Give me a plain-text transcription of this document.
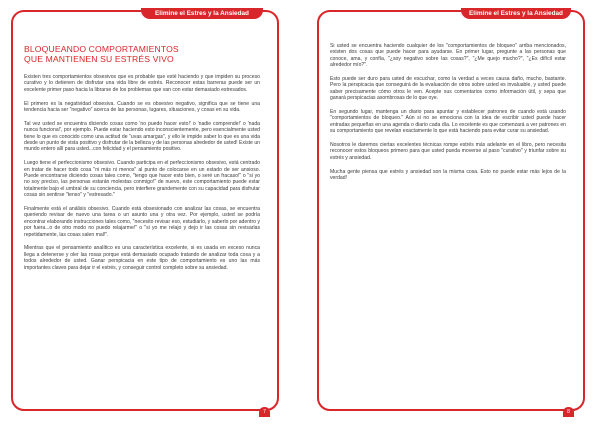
Elimine el Estres y la Ansiedad
BLOQUEANDO COMPORTAMIENTOS
QUE MANTIENEN SU ESTRÉS VIVO

Existen tres comportamientos obsesivos que es probable que esté haciendo y que impiden su proceso curativo y lo detienen de disfrutar una vida libre de estrés. Reconocer estas barreras puede ser un excelente primer paso hacia la librarse de los problemas que van con estar demasiado estresados.

El primero es la negatividad obsesiva. Cuando se es obsesivo negativo, significa que se tiene una tendencia hacia ser "negativo" acerca de las personas, lugares, situaciones, y cosas en su vida.

Tal vez usted se encuentra diciendo cosas como 'no puedo hacer esto!' o 'nadie comprende!' o 'nada nunca funciona!', por ejemplo. Puede estar haciendo esto inconscientemente, pero esencialmente usted tiene lo que es conocido como una actitud de "uvas amargas", y ello le impide saber lo que es una vida desde un punto de vista positivo y disfrutar de la belleza y de las personas alrededor de usted! Existe un mundo entero allí para usted...con felicidad y el pensamiento positivo.

Luego tiene el perfeccionismo obsesivo. Cuando participa en el perfeccionismo obsesivo, está centrado en tratar de hacer todo cosa "ni más ni menos" al punto de colocarse en un estado de ser ansioso. Puede encontrarse diciendo cosas tales como, "tengo que hacer esto bien, o seré un fracaso!" o "si yo no soy preciso, las personas estarán molestas conmigo!" de nuevo, este comportamiento puede estar totalmente bajo el umbral de su conciencia, pero interfiere grandemente con su capacidad para disfrutar cosas sin sentirse "tenso" y "estresado."

Finalmente está el análisis obsesivo. Cuando está obsesionado con analizar las cosas, se encuentra queriendo revisar de nuevo una tarea o un asunto una y otra vez. Por ejemplo, usted se podría encontrar elaborando instrucciones tales como, "necesito revisar eso, estudiarlo, y saberlo por adentro y por fuera...o de otro modo no puedo relajarme!" o "si yo me relajo y dejo ir las cosas sin revisarlas repetidamente, las cosas salen mal!".

Mientras que el pensamiento analítico es una característica excelente, si es usada en exceso nunca llega a detenerse y oler las rosas porque está demasiado ocupado tratando de analizar toda cosa y a todos alrededor de usted. Ganar perspicacia en este tipo de comportamiento es uno las más importantes claves para dejar ir el estrés, y conseguir control completo sobre su ansiedad.

7
Elimine el Estres y la Ansiedad

Si usted se encuentra haciendo cualquier de los "comportamientos de bloqueo" arriba mencionados, existen dos cosas que puede hacer para ayudarse. En primer lugar, pregunte a las personas que conoce, ama, y confía, "¿soy negativo sobre las cosas?", "¿Me quejo mucho?", "¿Es difícil estar alrededor mío?".

Esto puede ser duro para usted de escuchar, como la verdad a veces causa daño, mucho, bastante. Pero la perspicacia que conseguirá de la evaluación de otros sobre usted es invaluable, y usted puede saber precisamente cómo otros le ven. Acepte sus comentarios como información útil, y sepa que ganará perspicacias asombrosas de lo que oye.

En segundo lugar, mantenga un diario para apuntar y establecer patrones de cuando está usando "comportamientos de bloqueo." Aún si no se emociona con la idea de escribir usted puede hacer entradas pequeñas en una agenda o diario cada día. Lo excelente es que comenzará a ver patrones en su comportamiento que revelan exactamente lo que está haciendo para evitar curar su ansiedad.

Nosotros le daremos ciertas excelentes técnicas rompe estrés más adelante en el libro, pero necesita reconocer estos bloqueos primero para que usted pueda moverse al paso "curativo" y triunfar sobre su estrés y ansiedad.

Mucha gente piensa que estrés y ansiedad son la misma cosa. Esto no puede estar más lejos de la verdad!

8
